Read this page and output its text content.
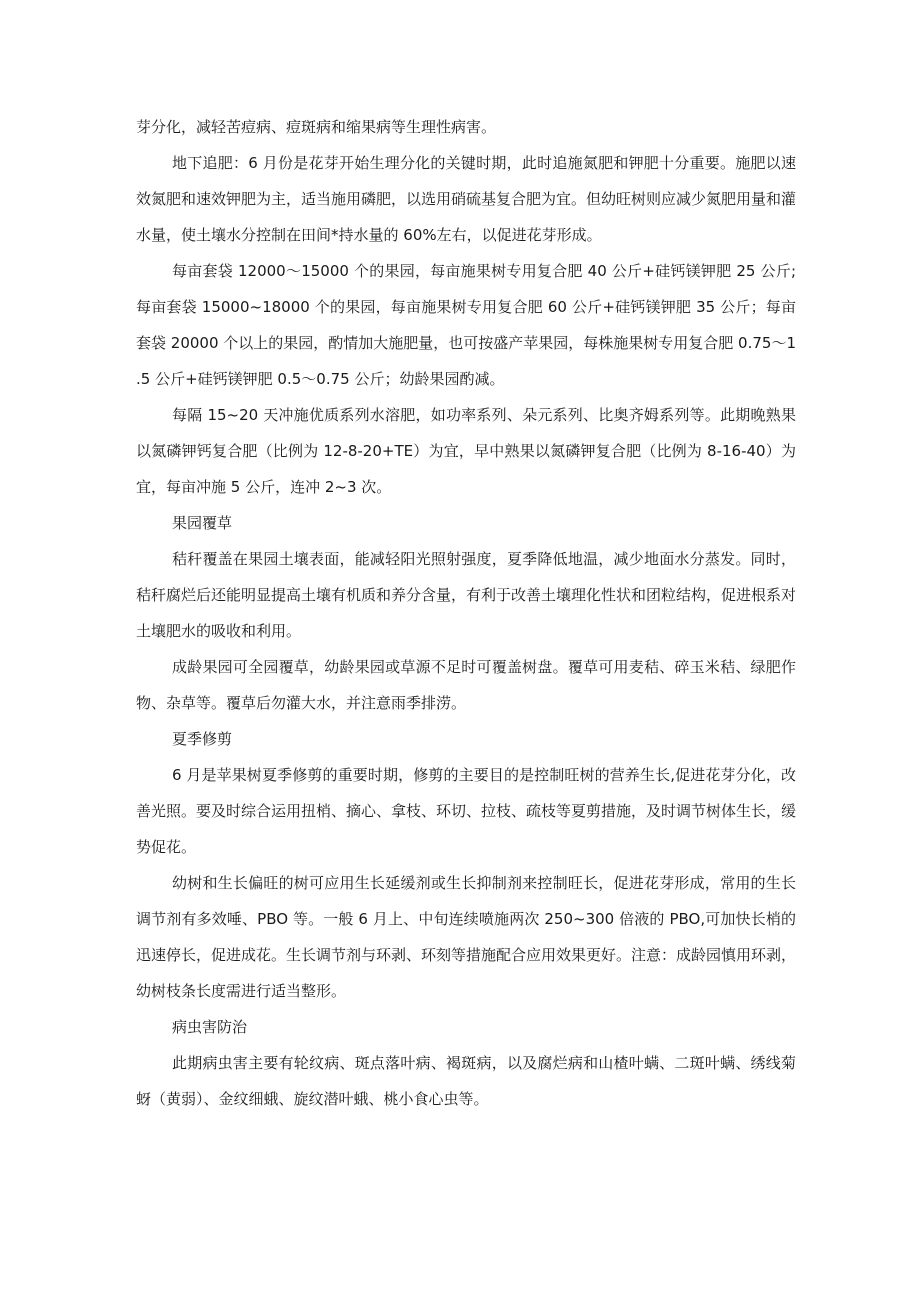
芽分化，减轻苦痘病、痘斑病和缩果病等生理性病害。

地下追肥：6 月份是花芽开始生理分化的关键时期，此时追施氮肥和钾肥十分重要。施肥以速效氮肥和速效钾肥为主，适当施用磷肥，以选用硝硫基复合肥为宜。但幼旺树则应减少氮肥用量和灌水量，使土壤水分控制在田间*持水量的 60%左右，以促进花芽形成。

每亩套袋 12000～15000 个的果园，每亩施果树专用复合肥 40 公斤+硅钙镁钾肥 25 公斤; 每亩套袋 15000~18000 个的果园，每亩施果树专用复合肥 60 公斤+硅钙镁钾肥 35 公斤；每亩套袋 20000 个以上的果园，酌情加大施肥量，也可按盛产苹果园，每株施果树专用复合肥 0.75～1.5 公斤+硅钙镁钾肥 0.5～0.75 公斤；幼龄果园酌减。

每隔 15~20 天冲施优质系列水溶肥，如功率系列、朵元系列、比奥齐姆系列等。此期晚熟果以氮磷钾钙复合肥（比例为 12-8-20+TE）为宜，早中熟果以氮磷钾复合肥（比例为 8-16-40）为宜，每亩冲施 5 公斤，连冲 2~3 次。

果园覆草

秸秆覆盖在果园土壤表面，能减轻阳光照射强度，夏季降低地温，减少地面水分蒸发。同时，秸秆腐烂后还能明显提高土壤有机质和养分含量，有利于改善土壤理化性状和团粒结构，促进根系对土壤肥水的吸收和利用。

成龄果园可全园覆草，幼龄果园或草源不足时可覆盖树盘。覆草可用麦秸、碎玉米秸、绿肥作物、杂草等。覆草后勿灌大水，并注意雨季排涝。

夏季修剪

6 月是苹果树夏季修剪的重要时期，修剪的主要目的是控制旺树的营养生长,促进花芽分化，改善光照。要及时综合运用扭梢、摘心、拿枝、环切、拉枝、疏枝等夏剪措施，及时调节树体生长，缓势促花。

幼树和生长偏旺的树可应用生长延缓剂或生长抑制剂来控制旺长，促进花芽形成，常用的生长调节剂有多效唾、PBO 等。一般 6 月上、中旬连续喷施两次 250~300 倍液的 PBO,可加快长梢的迅速停长，促进成花。生长调节剂与环剥、环刻等措施配合应用效果更好。注意：成龄园慎用环剥，幼树枝条长度需进行适当整形。

病虫害防治

此期病虫害主要有轮纹病、斑点落叶病、褐斑病，以及腐烂病和山楂叶螨、二斑叶螨、绣线菊蚜（黄弱）、金纹细蛾、旋纹潜叶蛾、桃小食心虫等。
